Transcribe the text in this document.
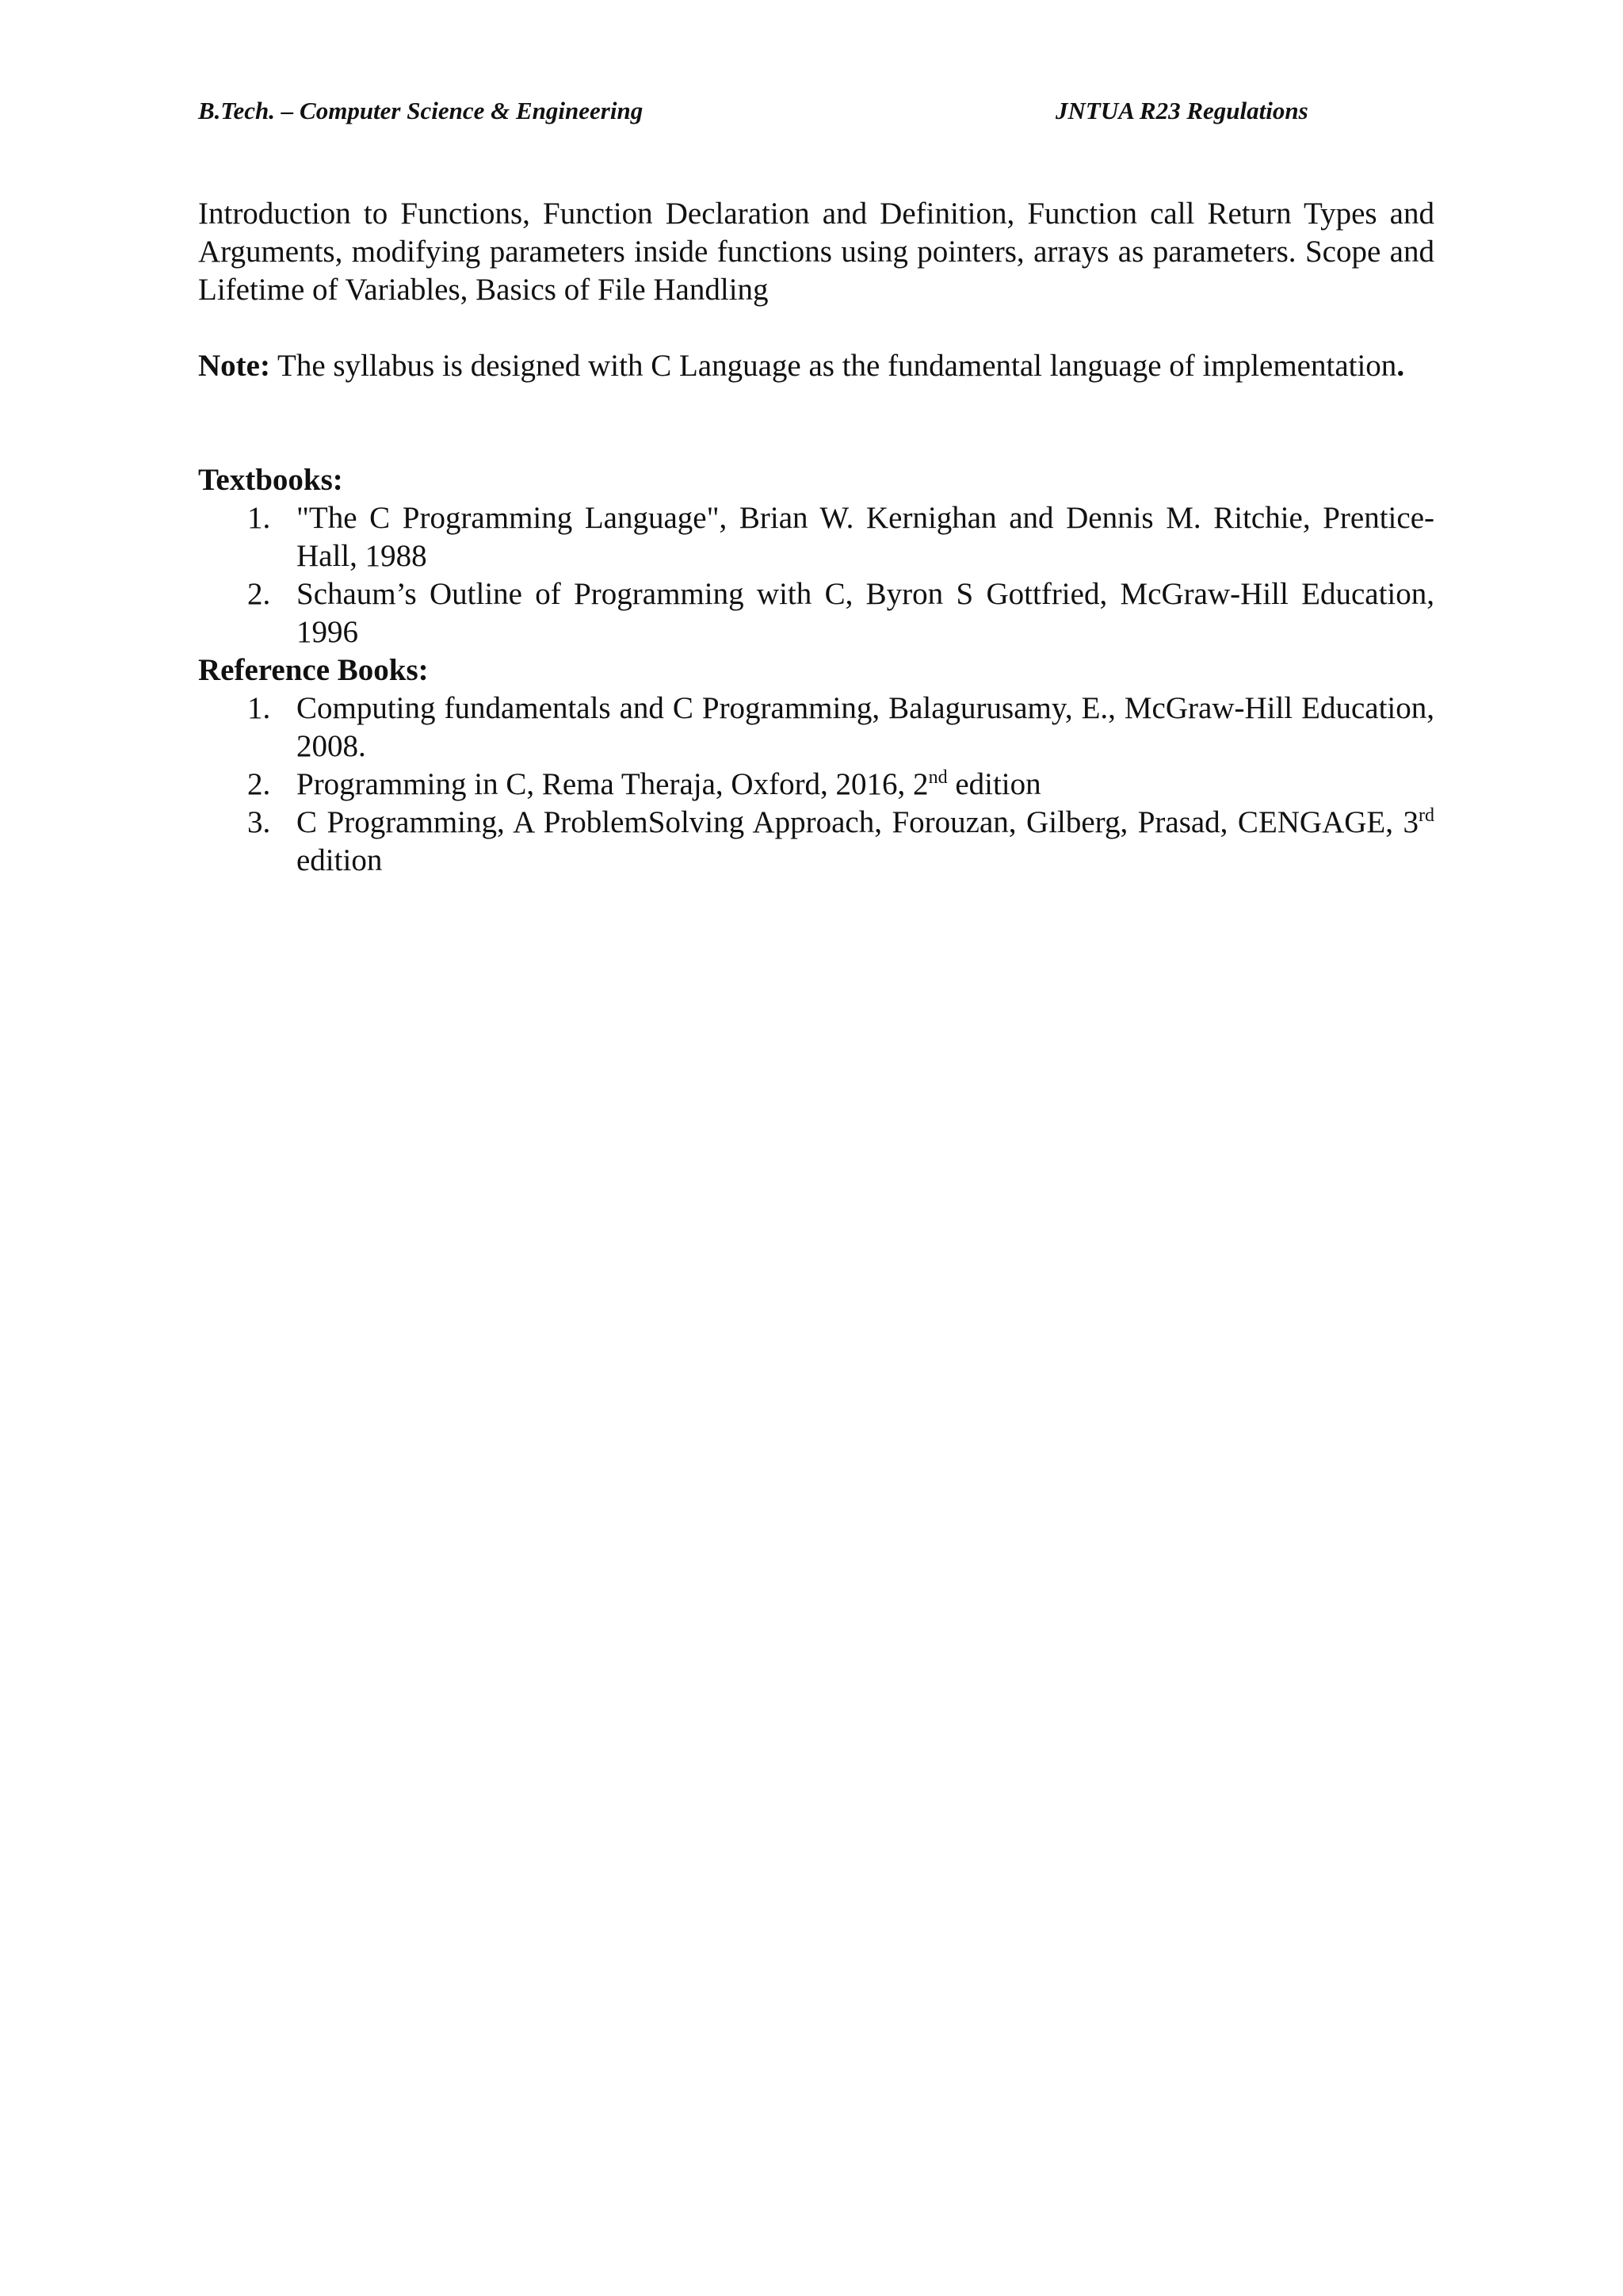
B.Tech. – Computer Science & Engineering	JNTUA R23 Regulations

Introduction to Functions, Function Declaration and Definition, Function call Return Types and Arguments, modifying parameters inside functions using pointers, arrays as parameters. Scope and Lifetime of Variables, Basics of File Handling

Note: The syllabus is designed with C Language as the fundamental language of implementation.

Textbooks:

1. "The C Programming Language", Brian W. Kernighan and Dennis M. Ritchie, Prentice-Hall, 1988
2. Schaum’s Outline of Programming with C, Byron S Gottfried, McGraw-Hill Education, 1996

Reference Books:

1. Computing fundamentals and C Programming, Balagurusamy, E., McGraw-Hill Education, 2008.
2. Programming in C, Rema Theraja, Oxford, 2016, 2nd edition
3. C Programming, A ProblemSolving Approach, Forouzan, Gilberg, Prasad, CENGAGE, 3rd edition
